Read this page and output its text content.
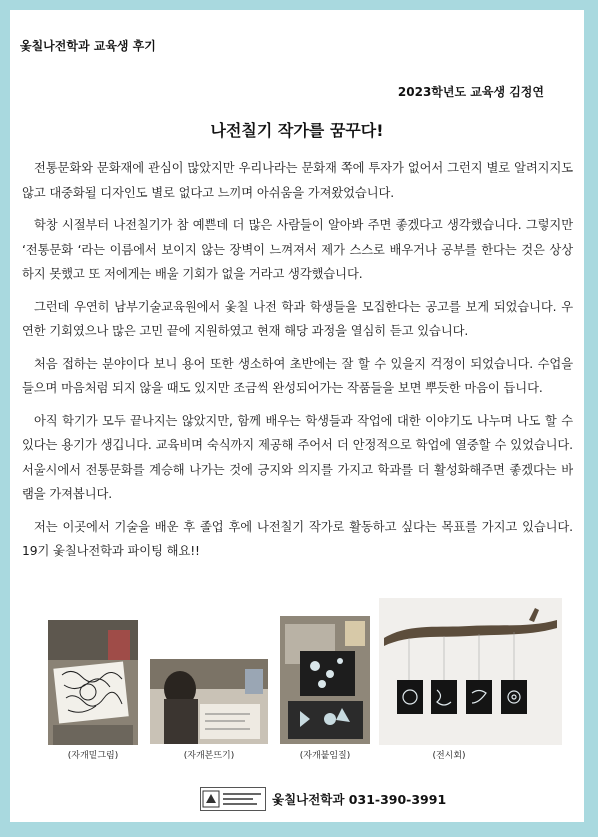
옻칠나전학과 교육생 후기
2023학년도 교육생 김정연
나전칠기 작가를 꿈꾸다!

전통문화와 문화재에 관심이 많았지만 우리나라는 문화재 쪽에 투자가 없어서 그런지 별로 알려지지도 않고 대중화될 디자인도 별로 없다고 느끼며 아쉬움을 가져왔었습니다.

학창 시절부터 나전칠기가 참 예쁜데 더 많은 사람들이 알아봐 주면 좋겠다고 생각했습니다. 그렇지만 ‘전통문화 ‘라는 이름에서 보이지 않는 장벽이 느껴져서 제가 스스로 배우거나 공부를 한다는 것은 상상하지 못했고 또 저에게는 배울 기회가 없을 거라고 생각했습니다.

그런데 우연히 남부기술교육원에서 옻칠 나전 학과 학생들을 모집한다는 공고를 보게 되었습니다. 우연한 기회였으나 많은 고민 끝에 지원하였고 현재 해당 과정을 열심히 듣고 있습니다.

처음 접하는 분야이다 보니 용어 또한 생소하여 초반에는 잘 할 수 있을지 걱정이 되었습니다. 수업을 들으며 마음처럼 되지 않을 때도 있지만 조금씩 완성되어가는 작품들을 보면 뿌듯한 마음이 듭니다.

아직 학기가 모두 끝나지는 않았지만, 함께 배우는 학생들과 작업에 대한 이야기도 나누며 나도 할 수 있다는 용기가 생깁니다. 교육비며 숙식까지 제공해 주어서 더 안정적으로 학업에 열중할 수 있었습니다. 서울시에서 전통문화를 계승해 나가는 것에 긍지와 의지를 가지고 학과를 더 활성화해주면 좋겠다는 바램을 가져봅니다.

저는 이곳에서 기술을 배운 후 졸업 후에 나전칠기 작가로 활동하고 싶다는 목표를 가지고 있습니다. 19기 옻칠나전학과 파이팅 해요!!

(자개밑그림)	(자개본뜨기)	(자개붙임질)	(전시회)
옻칠나전학과 031-390-3991
